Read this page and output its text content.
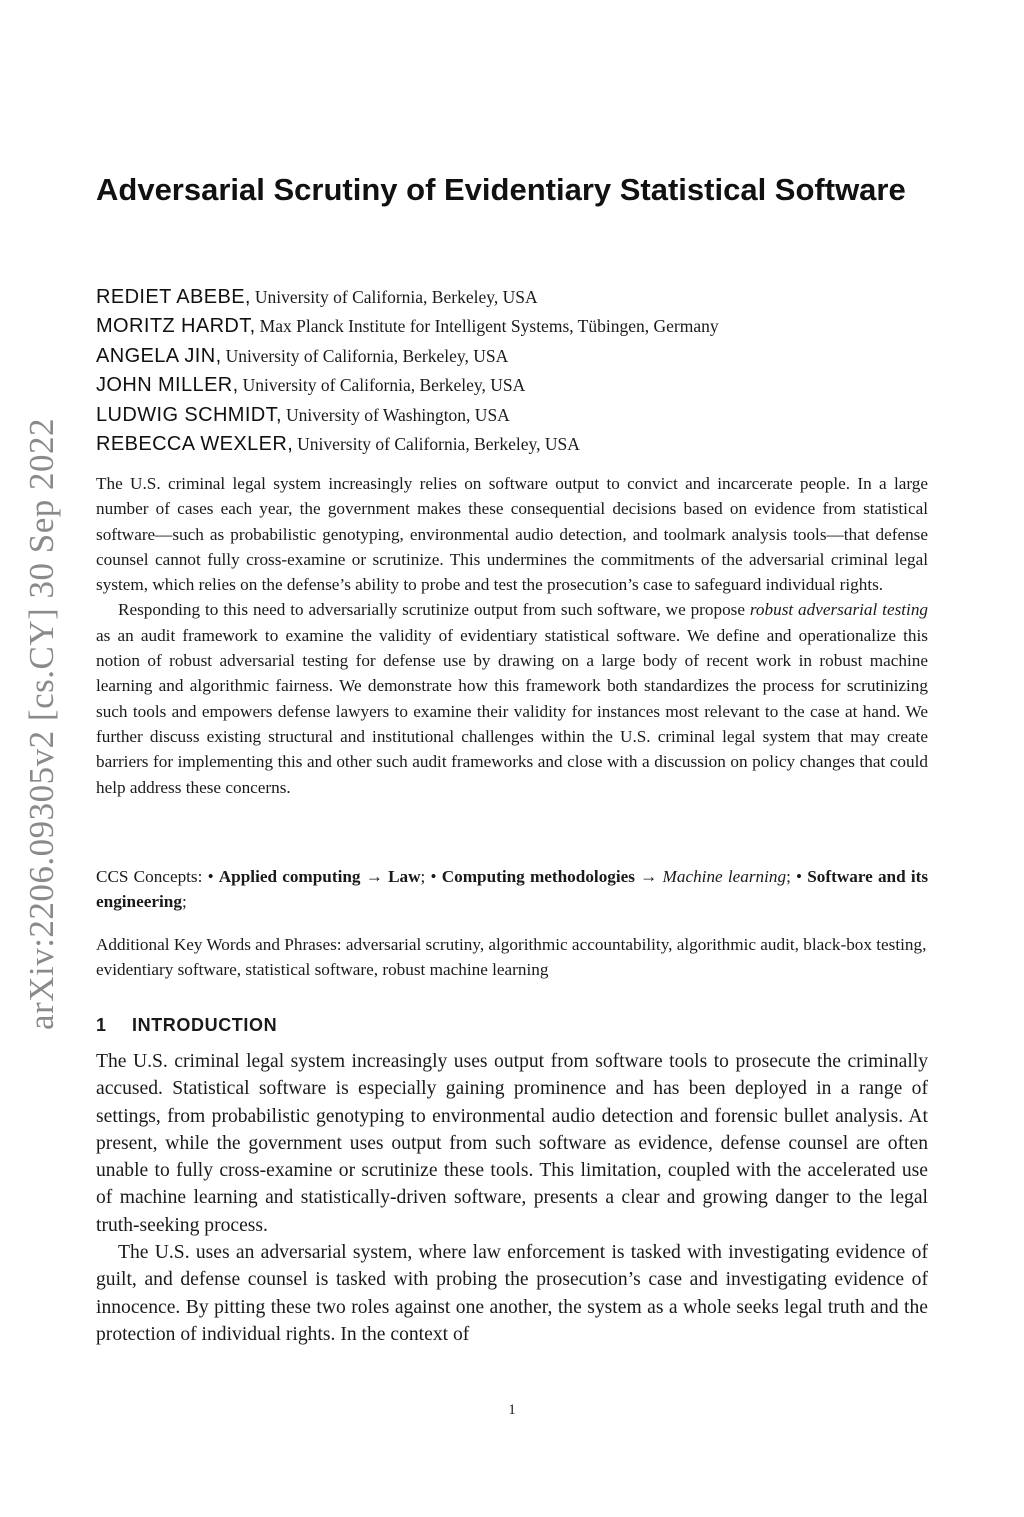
arXiv:2206.09305v2 [cs.CY] 30 Sep 2022
Adversarial Scrutiny of Evidentiary Statistical Software
REDIET ABEBE, University of California, Berkeley, USA
MORITZ HARDT, Max Planck Institute for Intelligent Systems, Tübingen, Germany
ANGELA JIN, University of California, Berkeley, USA
JOHN MILLER, University of California, Berkeley, USA
LUDWIG SCHMIDT, University of Washington, USA
REBECCA WEXLER, University of California, Berkeley, USA

The U.S. criminal legal system increasingly relies on software output to convict and incarcerate people. In a large number of cases each year, the government makes these consequential decisions based on evidence from statistical software—such as probabilistic genotyping, environmental audio detection, and toolmark analysis tools—that defense counsel cannot fully cross-examine or scrutinize. This undermines the commitments of the adversarial criminal legal system, which relies on the defense’s ability to probe and test the prosecution’s case to safeguard individual rights.

Responding to this need to adversarially scrutinize output from such software, we propose robust adversarial testing as an audit framework to examine the validity of evidentiary statistical software. We define and operationalize this notion of robust adversarial testing for defense use by drawing on a large body of recent work in robust machine learning and algorithmic fairness. We demonstrate how this framework both standardizes the process for scrutinizing such tools and empowers defense lawyers to examine their validity for instances most relevant to the case at hand. We further discuss existing structural and institutional challenges within the U.S. criminal legal system that may create barriers for implementing this and other such audit frameworks and close with a discussion on policy changes that could help address these concerns.

CCS Concepts: • Applied computing → Law; • Computing methodologies → Machine learning; • Software and its engineering;

Additional Key Words and Phrases: adversarial scrutiny, algorithmic accountability, algorithmic audit, black-box testing, evidentiary software, statistical software, robust machine learning

1 INTRODUCTION

The U.S. criminal legal system increasingly uses output from software tools to prosecute the criminally accused. Statistical software is especially gaining prominence and has been deployed in a range of settings, from probabilistic genotyping to environmental audio detection and forensic bullet analysis. At present, while the government uses output from such software as evidence, defense counsel are often unable to fully cross-examine or scrutinize these tools. This limitation, coupled with the accelerated use of machine learning and statistically-driven software, presents a clear and growing danger to the legal truth-seeking process.

The U.S. uses an adversarial system, where law enforcement is tasked with investigating evidence of guilt, and defense counsel is tasked with probing the prosecution’s case and investigating evidence of innocence. By pitting these two roles against one another, the system as a whole seeks legal truth and the protection of individual rights. In the context of

1
